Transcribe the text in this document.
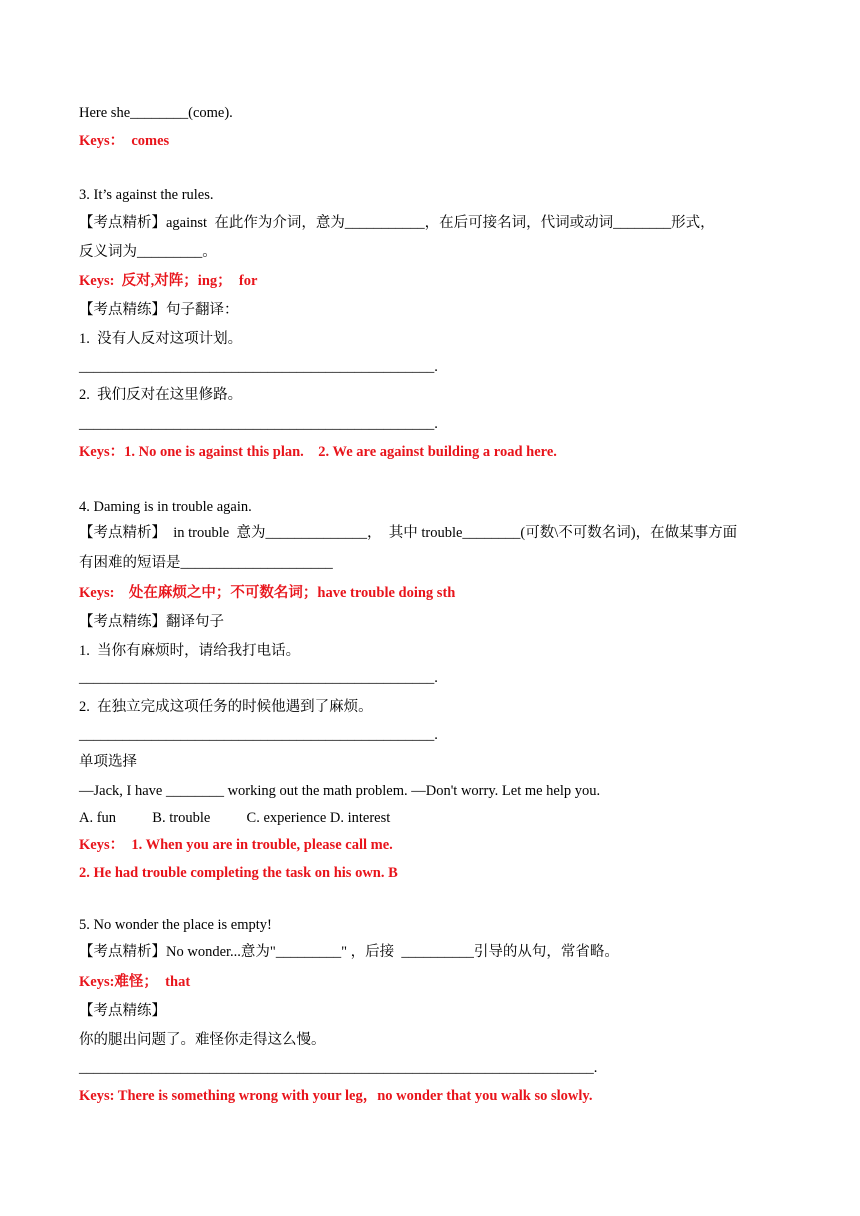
Here she________(come).
Keys：  comes
3. It’s against the rules.
【考点精析】against  在此作为介词，意为___________，在后可接名词，代词或动词________形式，
反义词为_________。
Keys:  反对,对阵；ing；  for
【考点精练】句子翻译：
1.  没有人反对这项计划。
_________________________________________________.
2.  我们反对在这里修路。
_________________________________________________.
Keys：1. No one is against this plan.    2. We are against building a road here.
4. Daming is in trouble again.
【考点精析】  in trouble  意为______________，  其中 trouble________(可数\不可数名词)，在做某事方面
有困难的短语是_____________________
Keys:    处在麻烦之中；不可数名词；have trouble doing sth
【考点精练】翻译句子
1.  当你有麻烦时，请给我打电话。
_________________________________________________.
2.  在独立完成这项任务的时候他遇到了麻烦。
_________________________________________________.
单项选择
—Jack, I have ________ working out the math problem. —Don't worry. Let me help you.
A. fun          B. trouble          C. experience D. interest
Keys：  1. When you are in trouble, please call me.
2. He had trouble completing the task on his own. B
5. No wonder the place is empty!
【考点精析】No wonder...意为"_________" ，后接  __________引导的从句，常省略。
Keys:难怪；  that
【考点精练】
你的腿出问题了。难怪你走得这么慢。
_______________________________________________________________________.
Keys: There is something wrong with your leg，no wonder that you walk so slowly.
